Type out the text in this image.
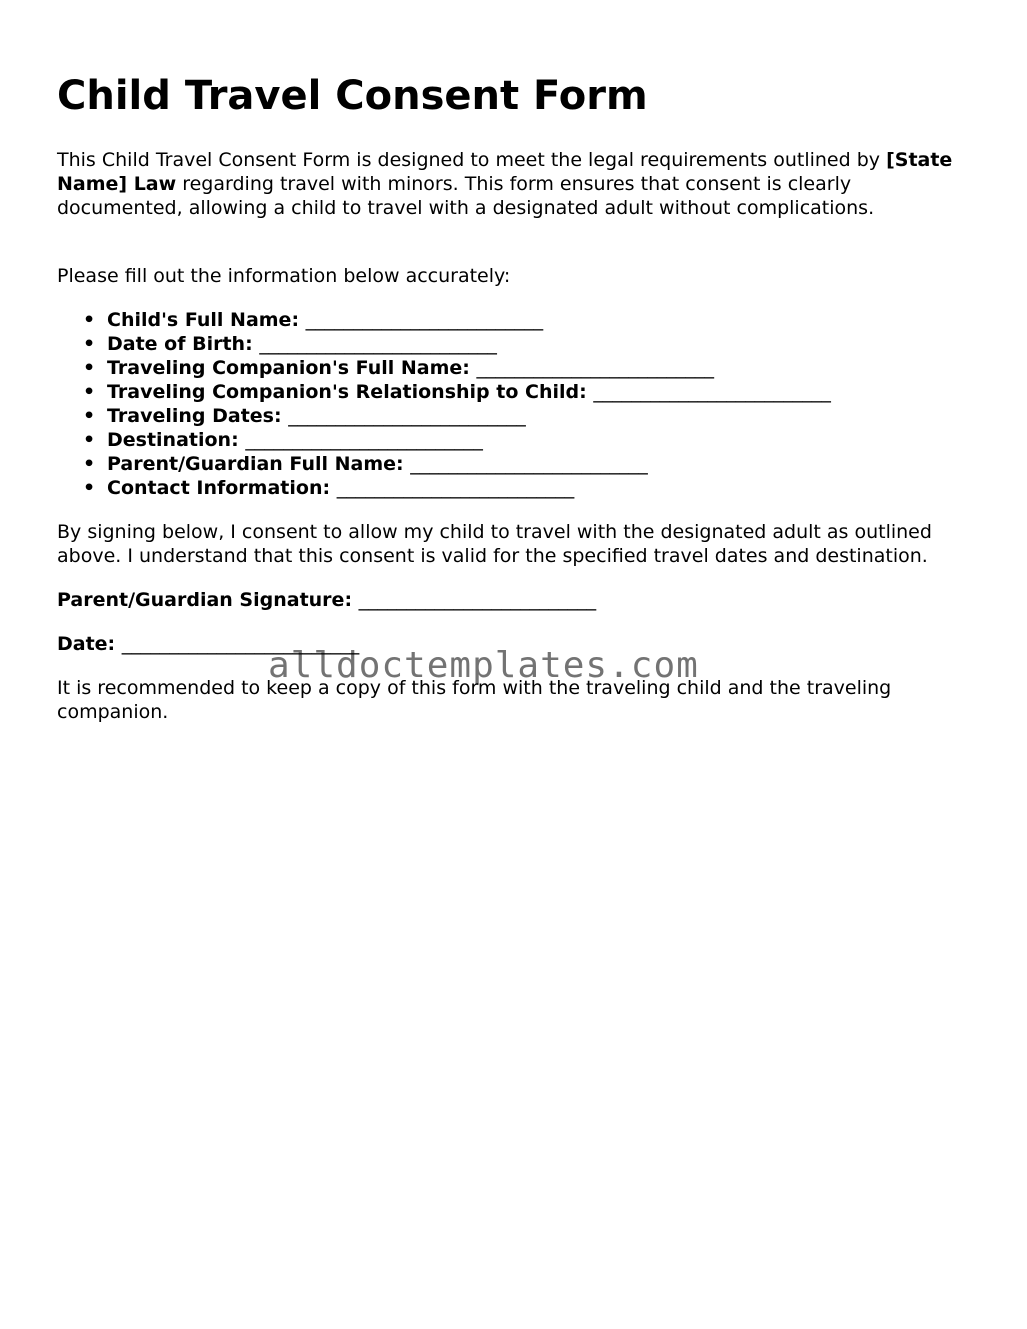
Child Travel Consent Form

This Child Travel Consent Form is designed to meet the legal requirements outlined by [State Name] Law regarding travel with minors. This form ensures that consent is clearly documented, allowing a child to travel with a designated adult without complications.

Please fill out the information below accurately:

• Child's Full Name: _________________________
• Date of Birth: _________________________
• Traveling Companion's Full Name: _________________________
• Traveling Companion's Relationship to Child: _________________________
• Traveling Dates: _________________________
• Destination: _________________________
• Parent/Guardian Full Name: _________________________
• Contact Information: _________________________

By signing below, I consent to allow my child to travel with the designated adult as outlined above. I understand that this consent is valid for the specified travel dates and destination.

Parent/Guardian Signature: _________________________

Date: _________________________

It is recommended to keep a copy of this form with the traveling child and the traveling companion.

alldoctemplates.com
